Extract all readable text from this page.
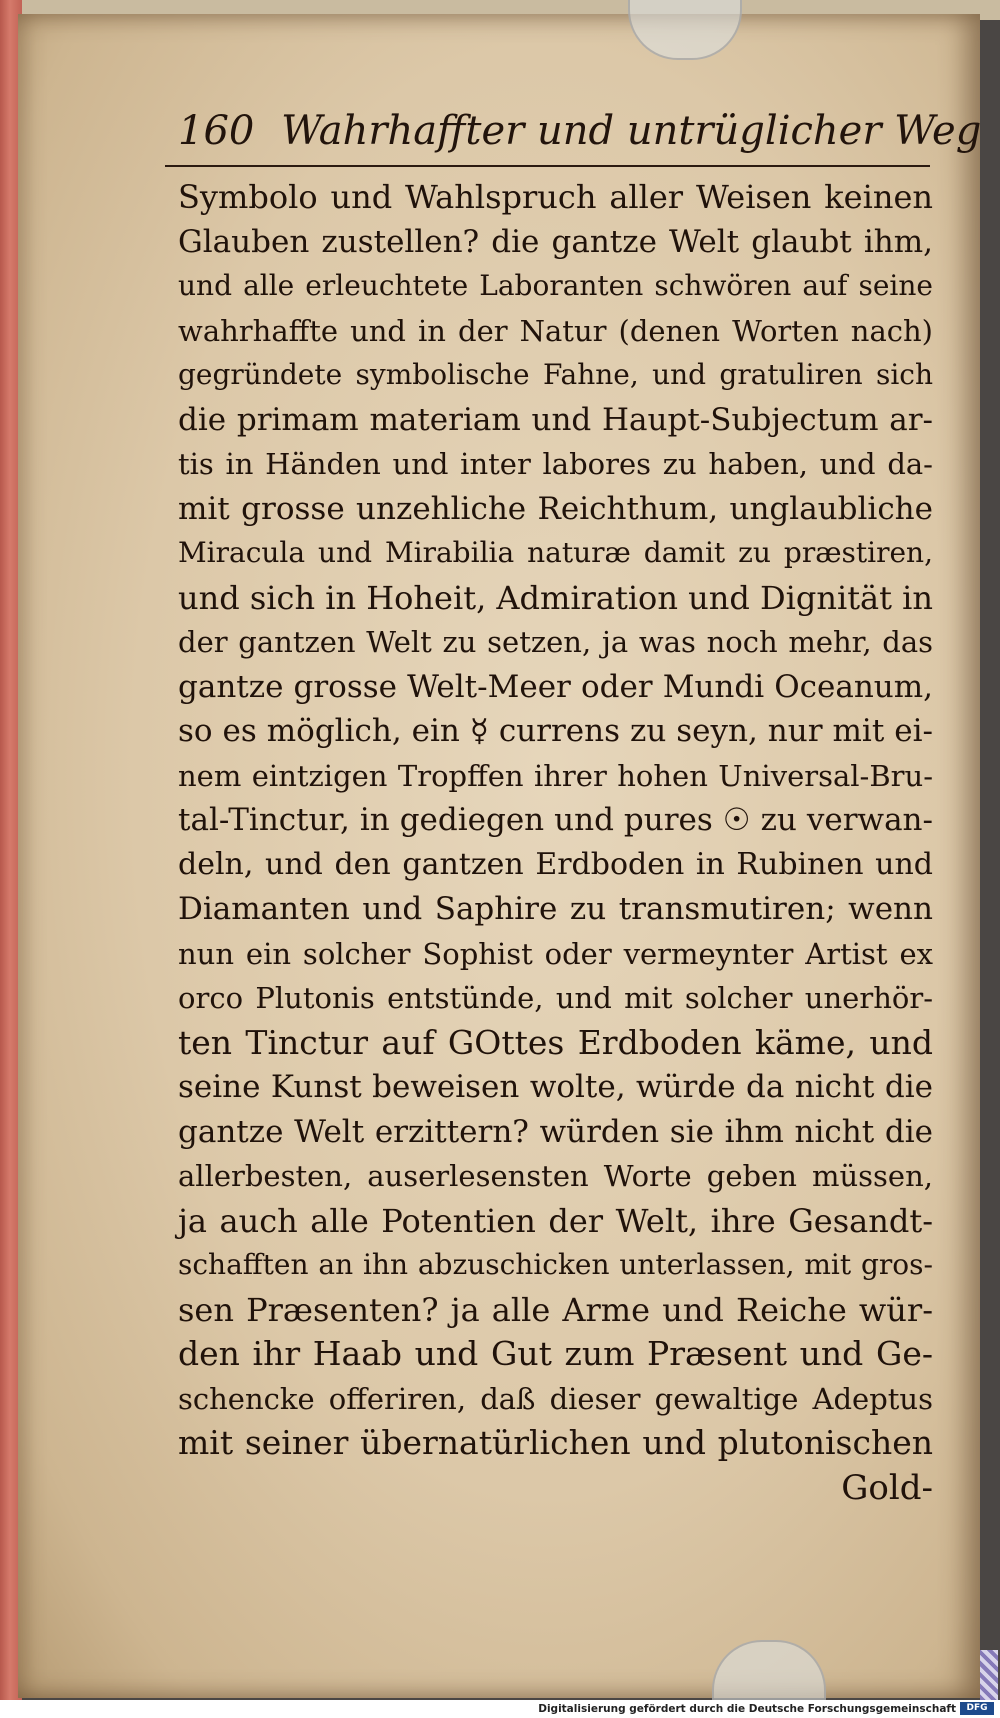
160 Wahrhaffter und untrüglicher Weg
Symbolo und Wahlspruch aller Weisen keinen
Glauben zustellen? die gantze Welt glaubt ihm,
und alle erleuchtete Laboranten schwören auf seine
wahrhaffte und in der Natur (denen Worten nach)
gegründete symbolische Fahne, und gratuliren sich
die primam materiam und Haupt-Subjectum ar-
tis in Händen und inter labores zu haben, und da-
mit grosse unzehliche Reichthum, unglaubliche
Miracula und Mirabilia naturæ damit zu præstiren,
und sich in Hoheit, Admiration und Dignität in
der gantzen Welt zu setzen, ja was noch mehr, das
gantze grosse Welt-Meer oder Mundi Oceanum,
so es möglich, ein ☿ currens zu seyn, nur mit ei-
nem eintzigen Tropffen ihrer hohen Universal-Bru-
tal-Tinctur, in gediegen und pures ☉ zu verwan-
deln, und den gantzen Erdboden in Rubinen und
Diamanten und Saphire zu transmutiren; wenn
nun ein solcher Sophist oder vermeynter Artist ex
orco Plutonis entstünde, und mit solcher unerhör-
ten Tinctur auf GOttes Erdboden käme, und
seine Kunst beweisen wolte, würde da nicht die
gantze Welt erzittern? würden sie ihm nicht die
allerbesten, auserlesensten Worte geben müssen,
ja auch alle Potentien der Welt, ihre Gesandt-
schafften an ihn abzuschicken unterlassen, mit gros-
sen Præsenten? ja alle Arme und Reiche wür-
den ihr Haab und Gut zum Præsent und Ge-
schencke offeriren, daß dieser gewaltige Adeptus
mit seiner übernatürlichen und plutonischen
Gold-
Digitalisierung gefördert durch die Deutsche Forschungsgemeinschaft	DFG
